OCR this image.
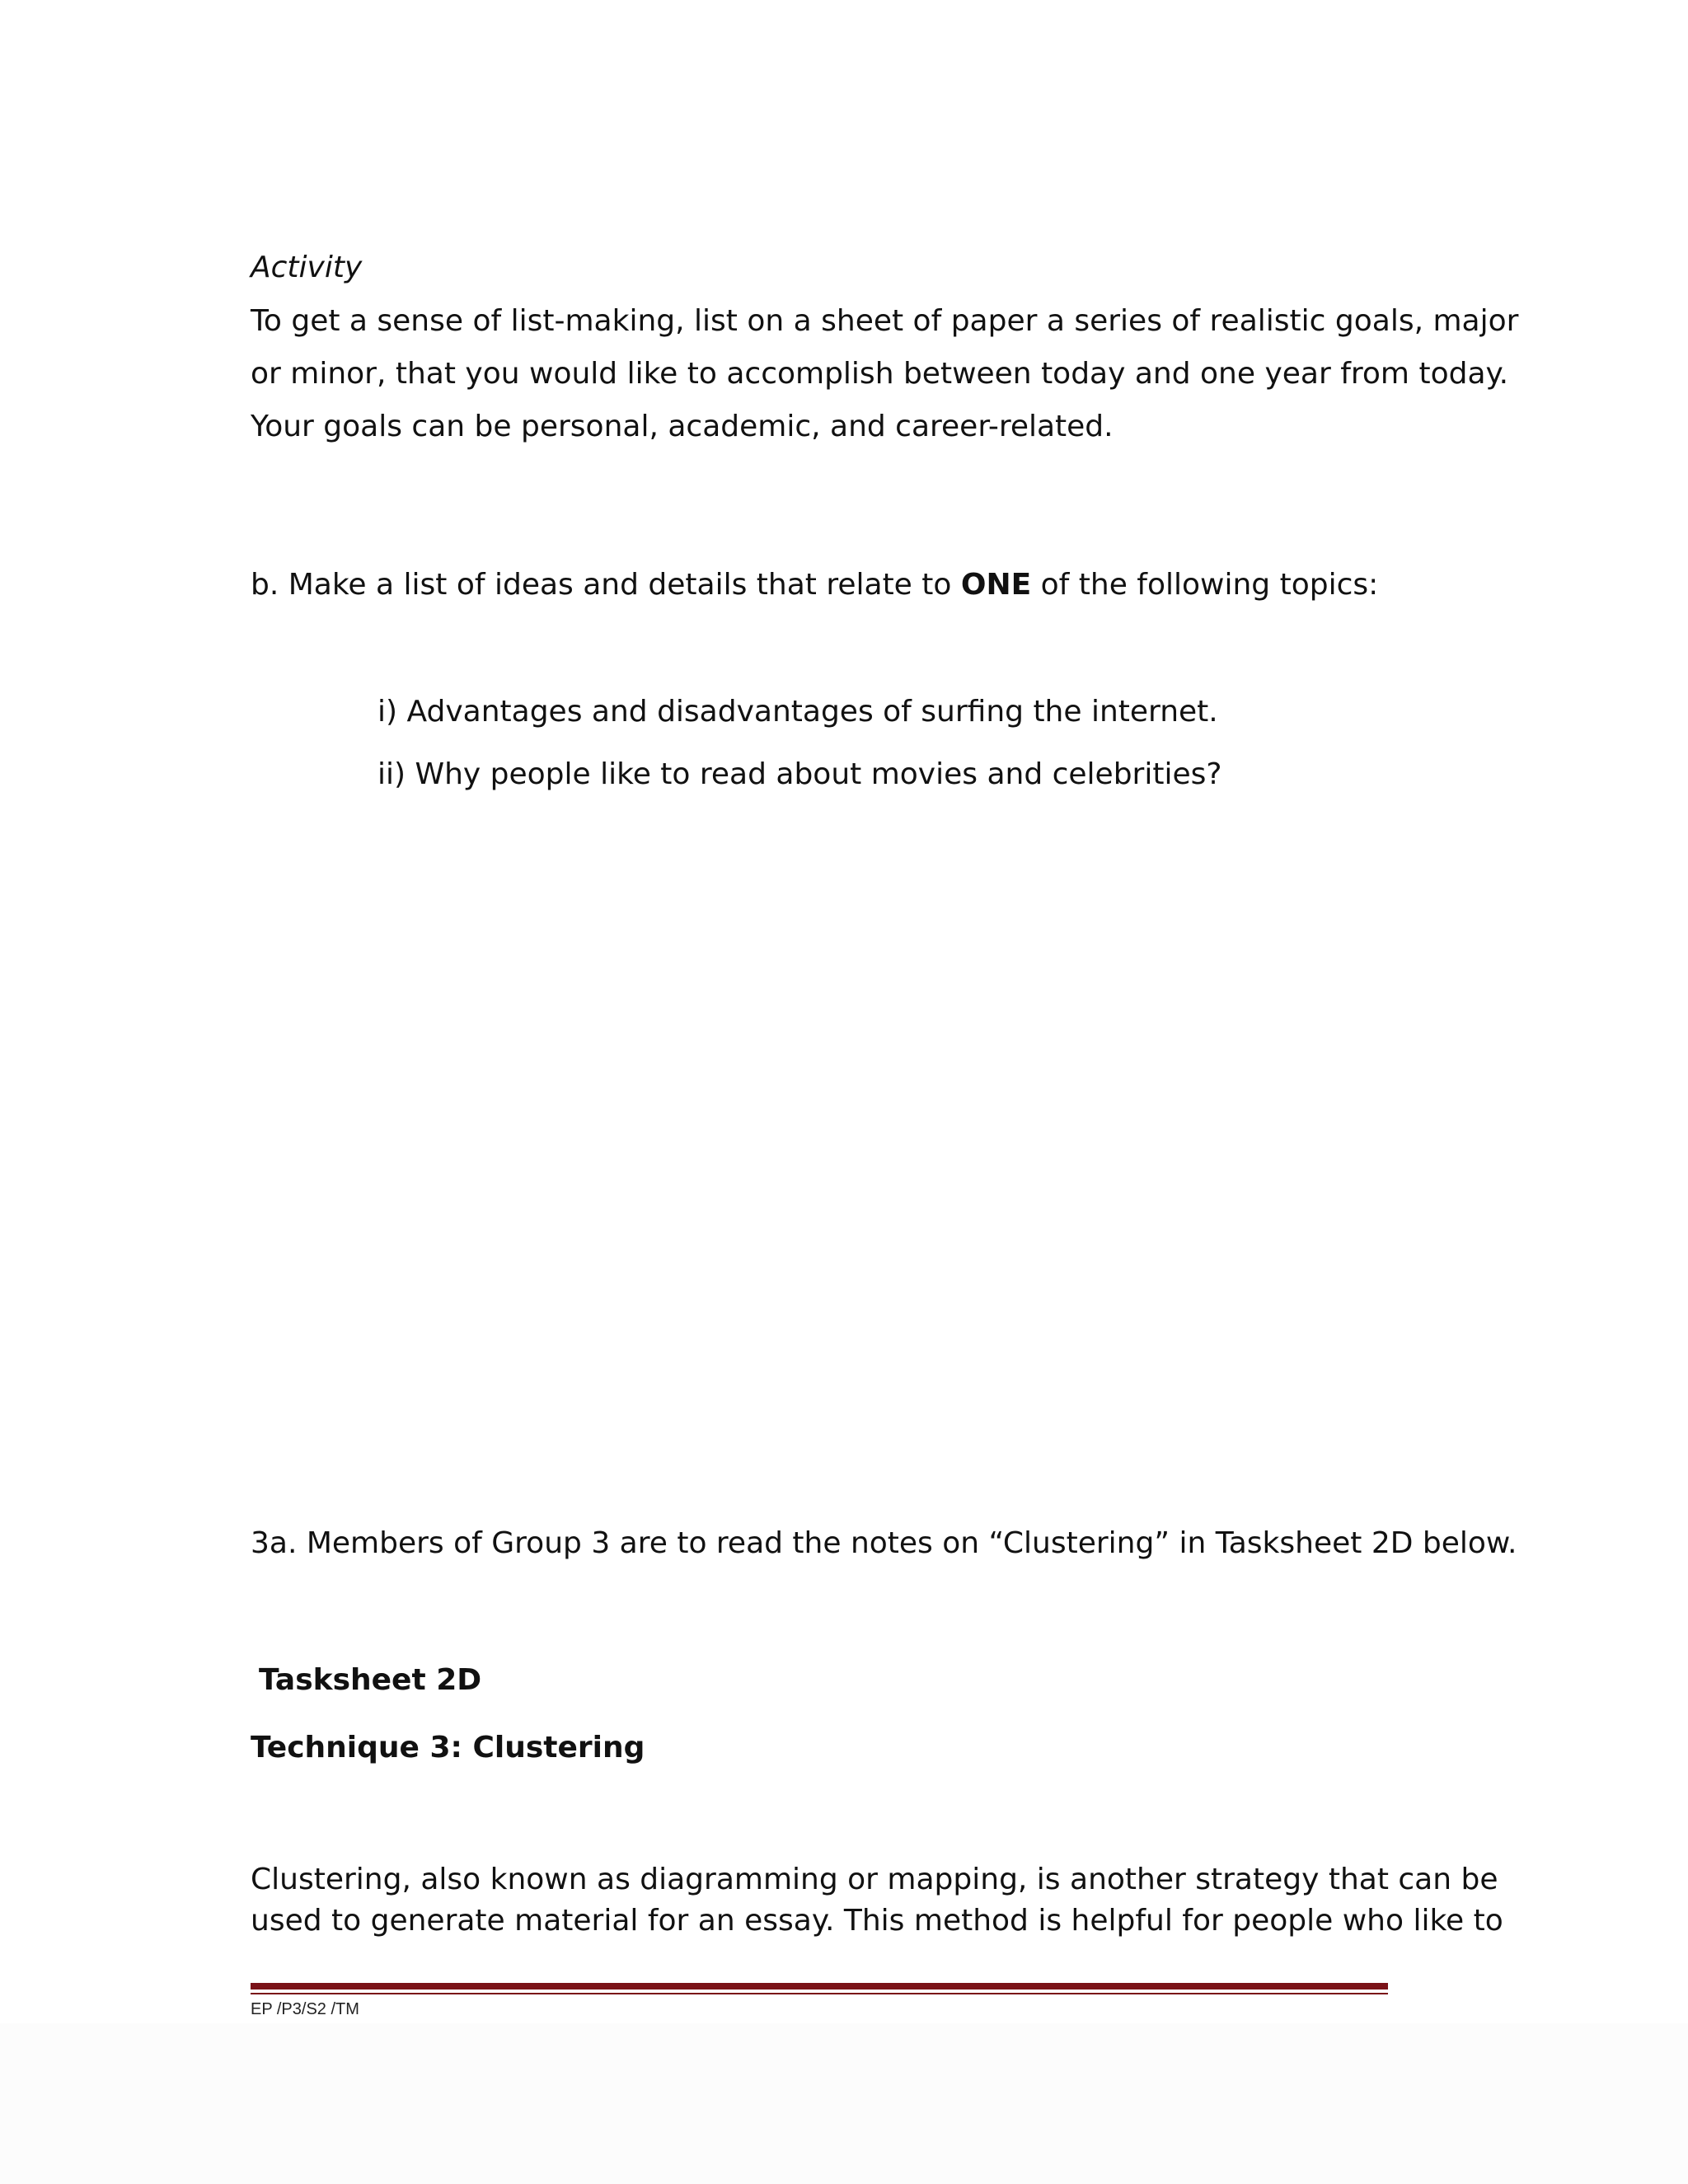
Activity
To get a sense of list-making, list on a sheet of paper a series of realistic goals, major
or minor, that you would like to accomplish between today and one year from today.
Your goals can be personal, academic, and career-related.
b. Make a list of ideas and details that relate to ONE of the following topics:
i) Advantages and disadvantages of surfing the internet.
ii) Why people like to read about movies and celebrities?
3a. Members of Group 3 are to read the notes on “Clustering” in Tasksheet 2D below.
Tasksheet 2D
Technique 3: Clustering
Clustering, also known as diagramming or mapping, is another strategy that can be
used to generate material for an essay. This method is helpful for people who like to
EP /P3/S2 /TM
